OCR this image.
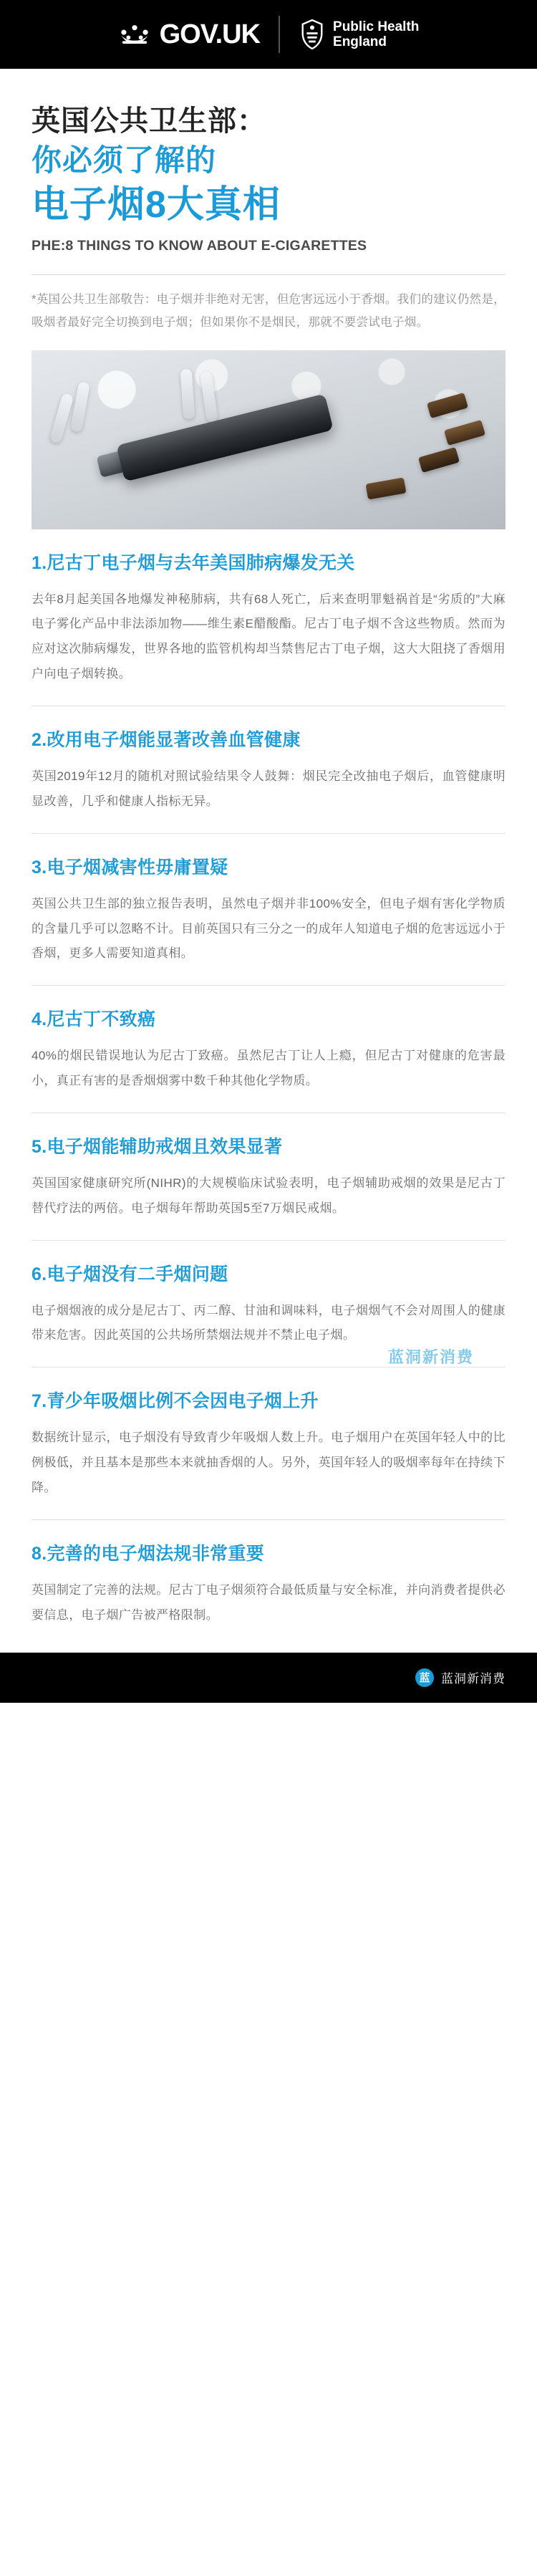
GOV.UK	Public Health
England
英国公共卫生部：
你必须了解的
电子烟8大真相
PHE:8 THINGS TO KNOW ABOUT E-CIGARETTES
*英国公共卫生部敬告：电子烟并非绝对无害，但危害远远小于香烟。我们的建议仍然是，吸烟者最好完全切换到电子烟；但如果你不是烟民，那就不要尝试电子烟。
1.尼古丁电子烟与去年美国肺病爆发无关
去年8月起美国各地爆发神秘肺病，共有68人死亡，后来查明罪魁祸首是“劣质的”大麻电子雾化产品中非法添加物——维生素E醋酸酯。尼古丁电子烟不含这些物质。然而为应对这次肺病爆发，世界各地的监管机构却当禁售尼古丁电子烟，这大大阻挠了香烟用户向电子烟转换。
2.改用电子烟能显著改善血管健康
英国2019年12月的随机对照试验结果令人鼓舞：烟民完全改抽电子烟后，血管健康明显改善，几乎和健康人指标无异。
3.电子烟减害性毋庸置疑
英国公共卫生部的独立报告表明，虽然电子烟并非100%安全，但电子烟有害化学物质的含量几乎可以忽略不计。目前英国只有三分之一的成年人知道电子烟的危害远远小于香烟，更多人需要知道真相。
4.尼古丁不致癌
40%的烟民错误地认为尼古丁致癌。虽然尼古丁让人上瘾，但尼古丁对健康的危害最小，真正有害的是香烟烟雾中数千种其他化学物质。
5.电子烟能辅助戒烟且效果显著
英国国家健康研究所(NIHR)的大规模临床试验表明，电子烟辅助戒烟的效果是尼古丁替代疗法的两倍。电子烟每年帮助英国5至7万烟民戒烟。
6.电子烟没有二手烟问题
电子烟烟液的成分是尼古丁、丙二醇、甘油和调味料，电子烟烟气不会对周围人的健康带来危害。因此英国的公共场所禁烟法规并不禁止电子烟。
蓝洞新消费
7.青少年吸烟比例不会因电子烟上升
数据统计显示，电子烟没有导致青少年吸烟人数上升。电子烟用户在英国年轻人中的比例极低，并且基本是那些本来就抽香烟的人。另外，英国年轻人的吸烟率每年在持续下降。
8.完善的电子烟法规非常重要
英国制定了完善的法规。尼古丁电子烟须符合最低质量与安全标准，并向消费者提供必要信息，电子烟广告被严格限制。
蓝 蓝洞新消费
